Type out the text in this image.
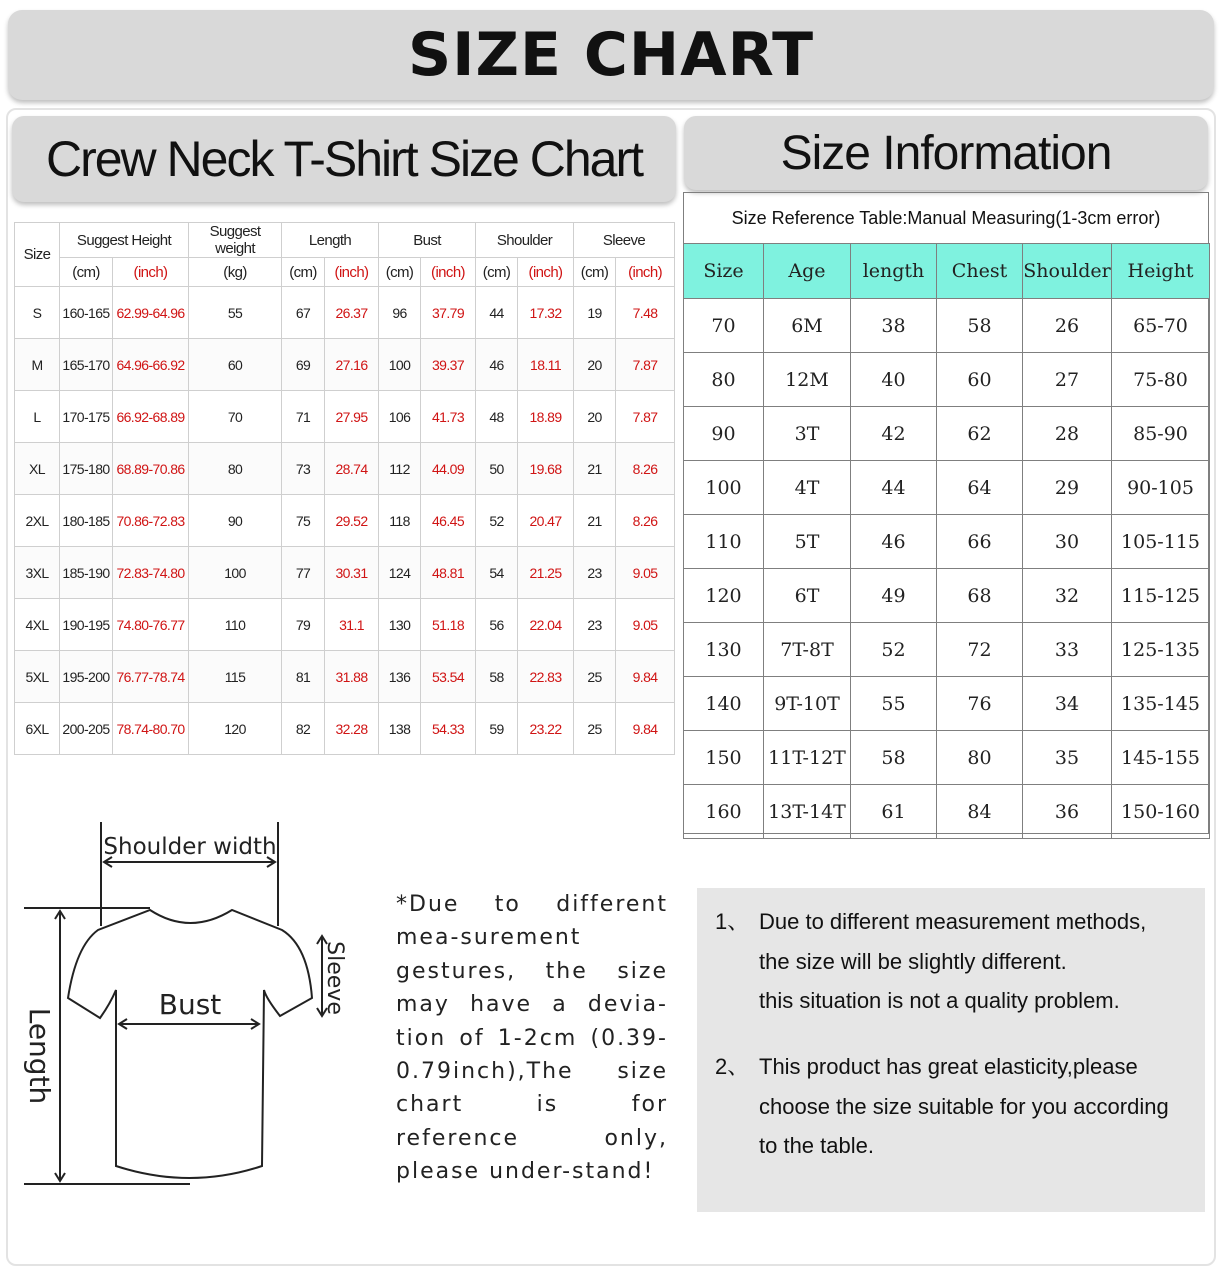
SIZE CHART
Crew Neck T-Shirt Size Chart	Size Information
Size	Suggest Height		Suggest weight	Length		Bust		Shoulder		Sleeve	
	(cm)	(inch)	(kg)	(cm)	(inch)	(cm)	(inch)	(cm)	(inch)	(cm)	(inch)
S	160-165	62.99-64.96	55	67	26.37	96	37.79	44	17.32	19	7.48
M	165-170	64.96-66.92	60	69	27.16	100	39.37	46	18.11	20	7.87
L	170-175	66.92-68.89	70	71	27.95	106	41.73	48	18.89	20	7.87
XL	175-180	68.89-70.86	80	73	28.74	112	44.09	50	19.68	21	8.26
2XL	180-185	70.86-72.83	90	75	29.52	118	46.45	52	20.47	21	8.26
3XL	185-190	72.83-74.80	100	77	30.31	124	48.81	54	21.25	23	9.05
4XL	190-195	74.80-76.77	110	79	31.1	130	51.18	56	22.04	23	9.05
5XL	195-200	76.77-78.74	115	81	31.88	136	53.54	58	22.83	25	9.84
6XL	200-205	78.74-80.70	120	82	32.28	138	54.33	59	23.22	25	9.84
Size Reference Table:Manual Measuring(1-3cm error)
Size	Age	length	Chest	Shoulder	Height
70	6M	38	58	26	65-70
80	12M	40	60	27	75-80
90	3T	42	62	28	85-90
100	4T	44	64	29	90-105
110	5T	46	66	30	105-115
120	6T	49	68	32	115-125
130	7T-8T	52	72	33	125-135
140	9T-10T	55	76	34	135-145
150	11T-12T	58	80	35	145-155
160	13T-14T	61	84	36	150-160
Shoulder width
Bust	Sleeve
Length
*Due to different mea-surement gestures, the size may have a devia-tion of 1-2cm (0.39-0.79inch),The size chart is for reference only, please under-stand!
1、 Due to different measurement methods,
the size will be slightly different.
this situation is not a quality problem.
2、 This product has great elasticity,please
choose the size suitable for you according
to the table.
